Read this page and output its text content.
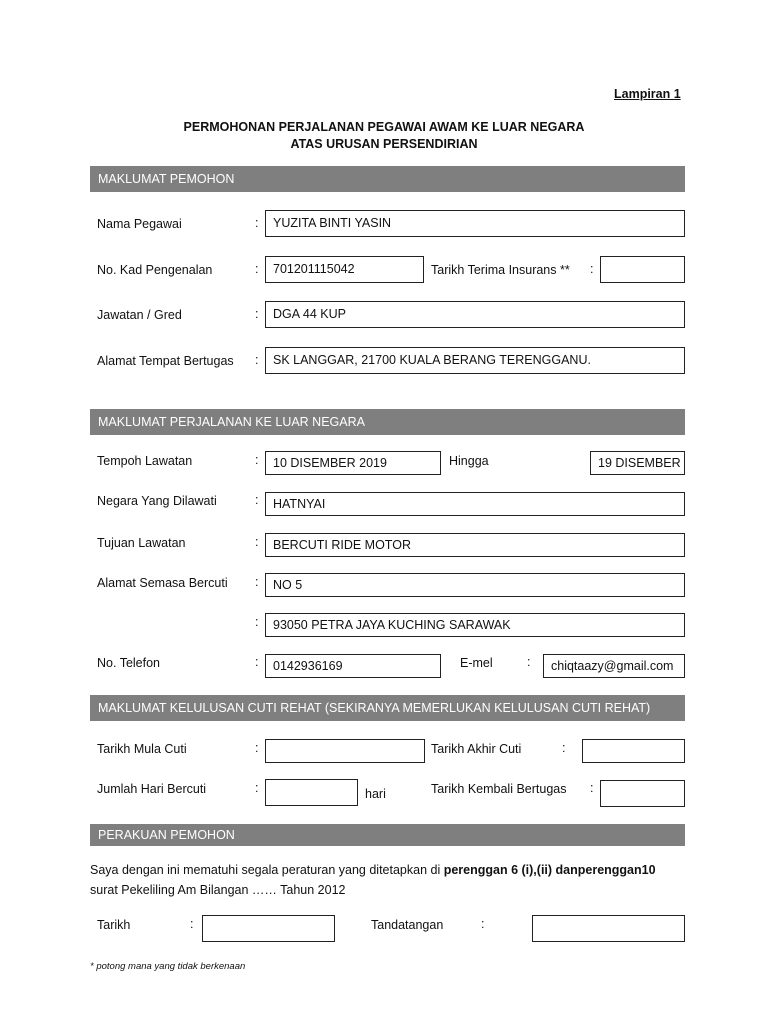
Lampiran 1
PERMOHONAN PERJALANAN PEGAWAI AWAM KE LUAR NEGARA
ATAS URUSAN PERSENDIRIAN
MAKLUMAT PEMOHON
Nama Pegawai	:	YUZITA BINTI YASIN
No. Kad Pengenalan	:	701201115042	Tarikh Terima Insurans ** :
Jawatan / Gred	:	DGA 44 KUP
Alamat Tempat Bertugas :	SK LANGGAR, 21700 KUALA BERANG TERENGGANU.
MAKLUMAT PERJALANAN KE LUAR NEGARA
Tempoh Lawatan	:	10 DISEMBER 2019	Hingga	19 DISEMBER
Negara Yang Dilawati	:	HATNYAI
Tujuan Lawatan	:	BERCUTI RIDE MOTOR
Alamat Semasa Bercuti :	NO 5
:	93050 PETRA JAYA KUCHING SARAWAK
No. Telefon	:	0142936169	E-mel	:	chiqtaazy@gmail.com
MAKLUMAT KELULUSAN CUTI REHAT (SEKIRANYA MEMERLUKAN KELULUSAN CUTI REHAT)
Tarikh Mula Cuti	:	Tarikh Akhir Cuti	:
Jumlah Hari Bercuti	:	hari	Tarikh Kembali Bertugas :
PERAKUAN PEMOHON
Saya dengan ini mematuhi segala peraturan yang ditetapkan di perenggan 6 (i),(ii) danperenggan10
surat Pekeliling Am Bilangan …… Tahun 2012
Tarikh	:	Tandatangan	:
* potong mana yang tidak berkenaan
